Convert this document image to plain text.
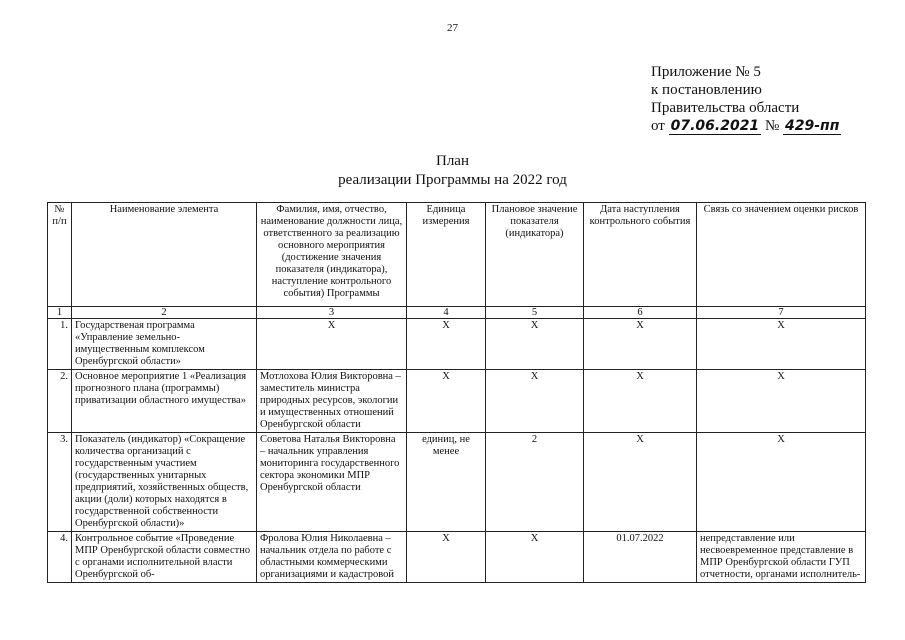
27
Приложение № 5
к постановлению
Правительства области
от 07.06.2021 № 429-пп
План
реализации Программы на 2022 год
№ п/п	Наименование элемента	Фамилия, имя, отчество, наименование должности лица, ответственного за реализацию основного мероприятия (достижение значения показателя (индикатора), наступление контрольного события) Программы	Единица измерения	Плановое значение показателя (индикатора)	Дата наступления контрольного события	Связь со значением оценки рисков
1	2	3	4	5	6	7
1.	Государственая программа «Управление земельно-имущественным комплексом Оренбургской области»	Х	Х	Х	Х	Х
2.	Основное мероприятие 1 «Реализация прогнозного плана (программы) приватизации областного имущества»	Мотлохова Юлия Викторовна – заместитель министра природных ресурсов, экологии и имущественных отношений Оренбургской области	Х	Х	Х	Х
3.	Показатель (индикатор) «Сокращение количества организаций с государственным участием (государственных унитарных предприятий, хозяйственных обществ, акции (доли) которых находятся в государственной собственности Оренбургской области)»	Советова Наталья Викторовна – начальник управления мониторинга государственного сектора экономики МПР Оренбургской области	единиц, не менее	2	Х	Х
4.	Контрольное событие «Проведение МПР Оренбургской области совместно с органами исполнительной власти Оренбургской об-	Фролова Юлия Николаевна – начальник отдела по работе с областными коммерческими организациями и кадастровой	Х	Х	01.07.2022	непредставление или несвоевременное представление в МПР Оренбургской области ГУП отчетности, органами исполнитель-
